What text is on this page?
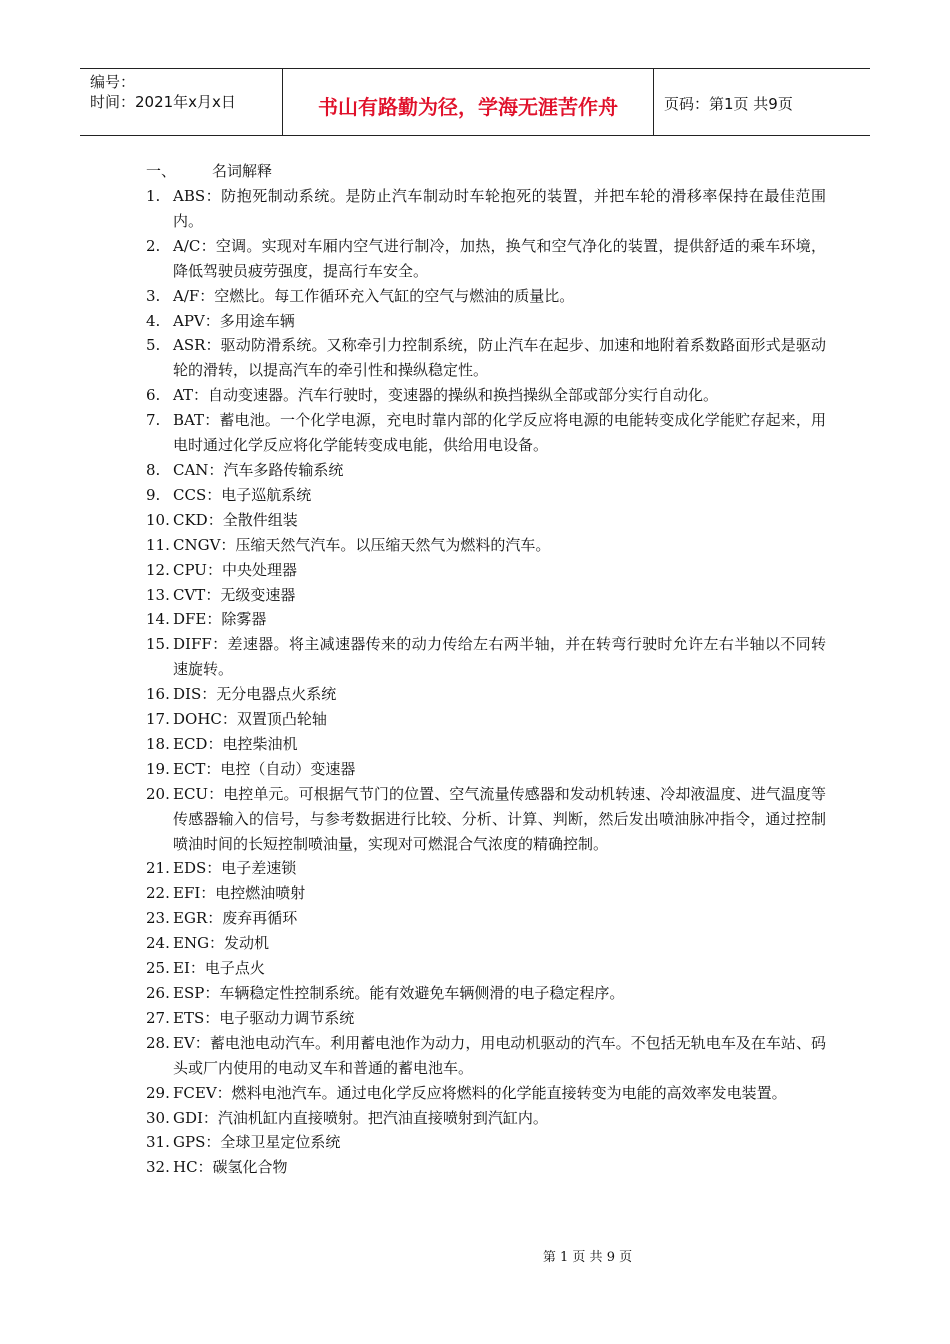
编号：
时间：2021年x月x日	书山有路勤为径，学海无涯苦作舟	页码：第1页 共9页
一、 名词解释
1. ABS：防抱死制动系统。是防止汽车制动时车轮抱死的装置，并把车轮的滑移率保持在最佳范围内。
2. A/C：空调。实现对车厢内空气进行制冷，加热，换气和空气净化的装置，提供舒适的乘车环境，降低驾驶员疲劳强度，提高行车安全。
3. A/F：空燃比。每工作循环充入气缸的空气与燃油的质量比。
4. APV：多用途车辆
5. ASR：驱动防滑系统。又称牵引力控制系统，防止汽车在起步、加速和地附着系数路面形式是驱动轮的滑转，以提高汽车的牵引性和操纵稳定性。
6. AT：自动变速器。汽车行驶时，变速器的操纵和换挡操纵全部或部分实行自动化。
7. BAT：蓄电池。一个化学电源，充电时靠内部的化学反应将电源的电能转变成化学能贮存起来，用电时通过化学反应将化学能转变成电能，供给用电设备。
8. CAN：汽车多路传输系统
9. CCS：电子巡航系统
10. CKD：全散件组装
11. CNGV：压缩天然气汽车。以压缩天然气为燃料的汽车。
12. CPU：中央处理器
13. CVT：无级变速器
14. DFE：除雾器
15. DIFF：差速器。将主减速器传来的动力传给左右两半轴，并在转弯行驶时允许左右半轴以不同转速旋转。
16. DIS：无分电器点火系统
17. DOHC：双置顶凸轮轴
18. ECD：电控柴油机
19. ECT：电控（自动）变速器
20. ECU：电控单元。可根据气节门的位置、空气流量传感器和发动机转速、冷却液温度、进气温度等传感器输入的信号，与参考数据进行比较、分析、计算、判断，然后发出喷油脉冲指令，通过控制喷油时间的长短控制喷油量，实现对可燃混合气浓度的精确控制。
21. EDS：电子差速锁
22. EFI：电控燃油喷射
23. EGR：废弃再循环
24. ENG：发动机
25. EI：电子点火
26. ESP：车辆稳定性控制系统。能有效避免车辆侧滑的电子稳定程序。
27. ETS：电子驱动力调节系统
28. EV：蓄电池电动汽车。利用蓄电池作为动力，用电动机驱动的汽车。不包括无轨电车及在车站、码头或厂内使用的电动叉车和普通的蓄电池车。
29. FCEV：燃料电池汽车。通过电化学反应将燃料的化学能直接转变为电能的高效率发电装置。
30. GDI：汽油机缸内直接喷射。把汽油直接喷射到汽缸内。
31. GPS：全球卫星定位系统
32. HC：碳氢化合物
第 1 页 共 9 页
